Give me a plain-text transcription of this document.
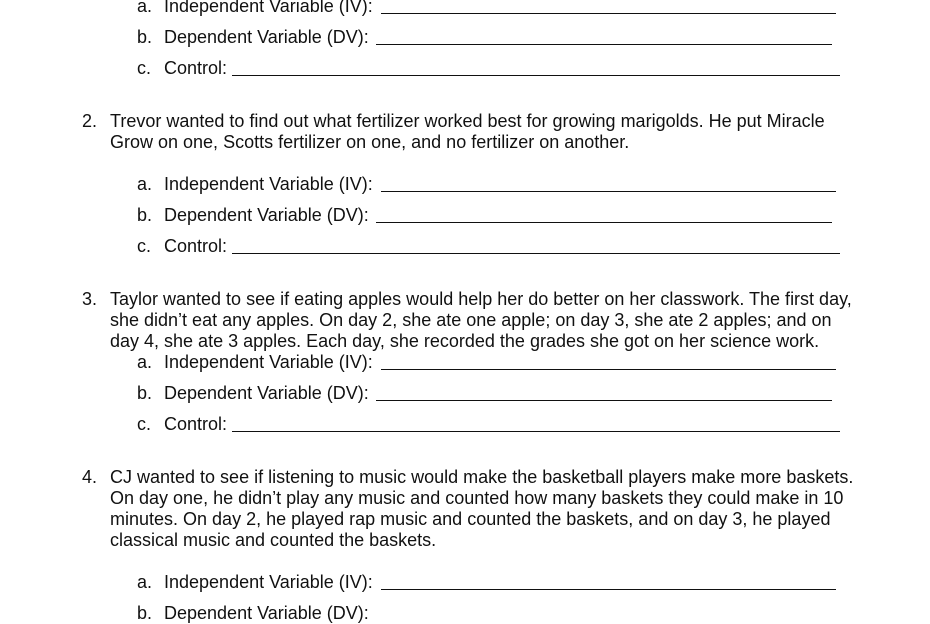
a. Independent Variable (IV):
b. Dependent Variable (DV):
c. Control:
2. Trevor wanted to find out what fertilizer worked best for growing marigolds. He put Miracle
Grow on one, Scotts fertilizer on one, and no fertilizer on another.
a. Independent Variable (IV):
b. Dependent Variable (DV):
c. Control:
3. Taylor wanted to see if eating apples would help her do better on her classwork. The first day,
she didn’t eat any apples. On day 2, she ate one apple; on day 3, she ate 2 apples; and on
day 4, she ate 3 apples. Each day, she recorded the grades she got on her science work.
a. Independent Variable (IV):
b. Dependent Variable (DV):
c. Control:
4. CJ wanted to see if listening to music would make the basketball players make more baskets.
On day one, he didn’t play any music and counted how many baskets they could make in 10
minutes. On day 2, he played rap music and counted the baskets, and on day 3, he played
classical music and counted the baskets.
a. Independent Variable (IV):
b. Dependent Variable (DV):
